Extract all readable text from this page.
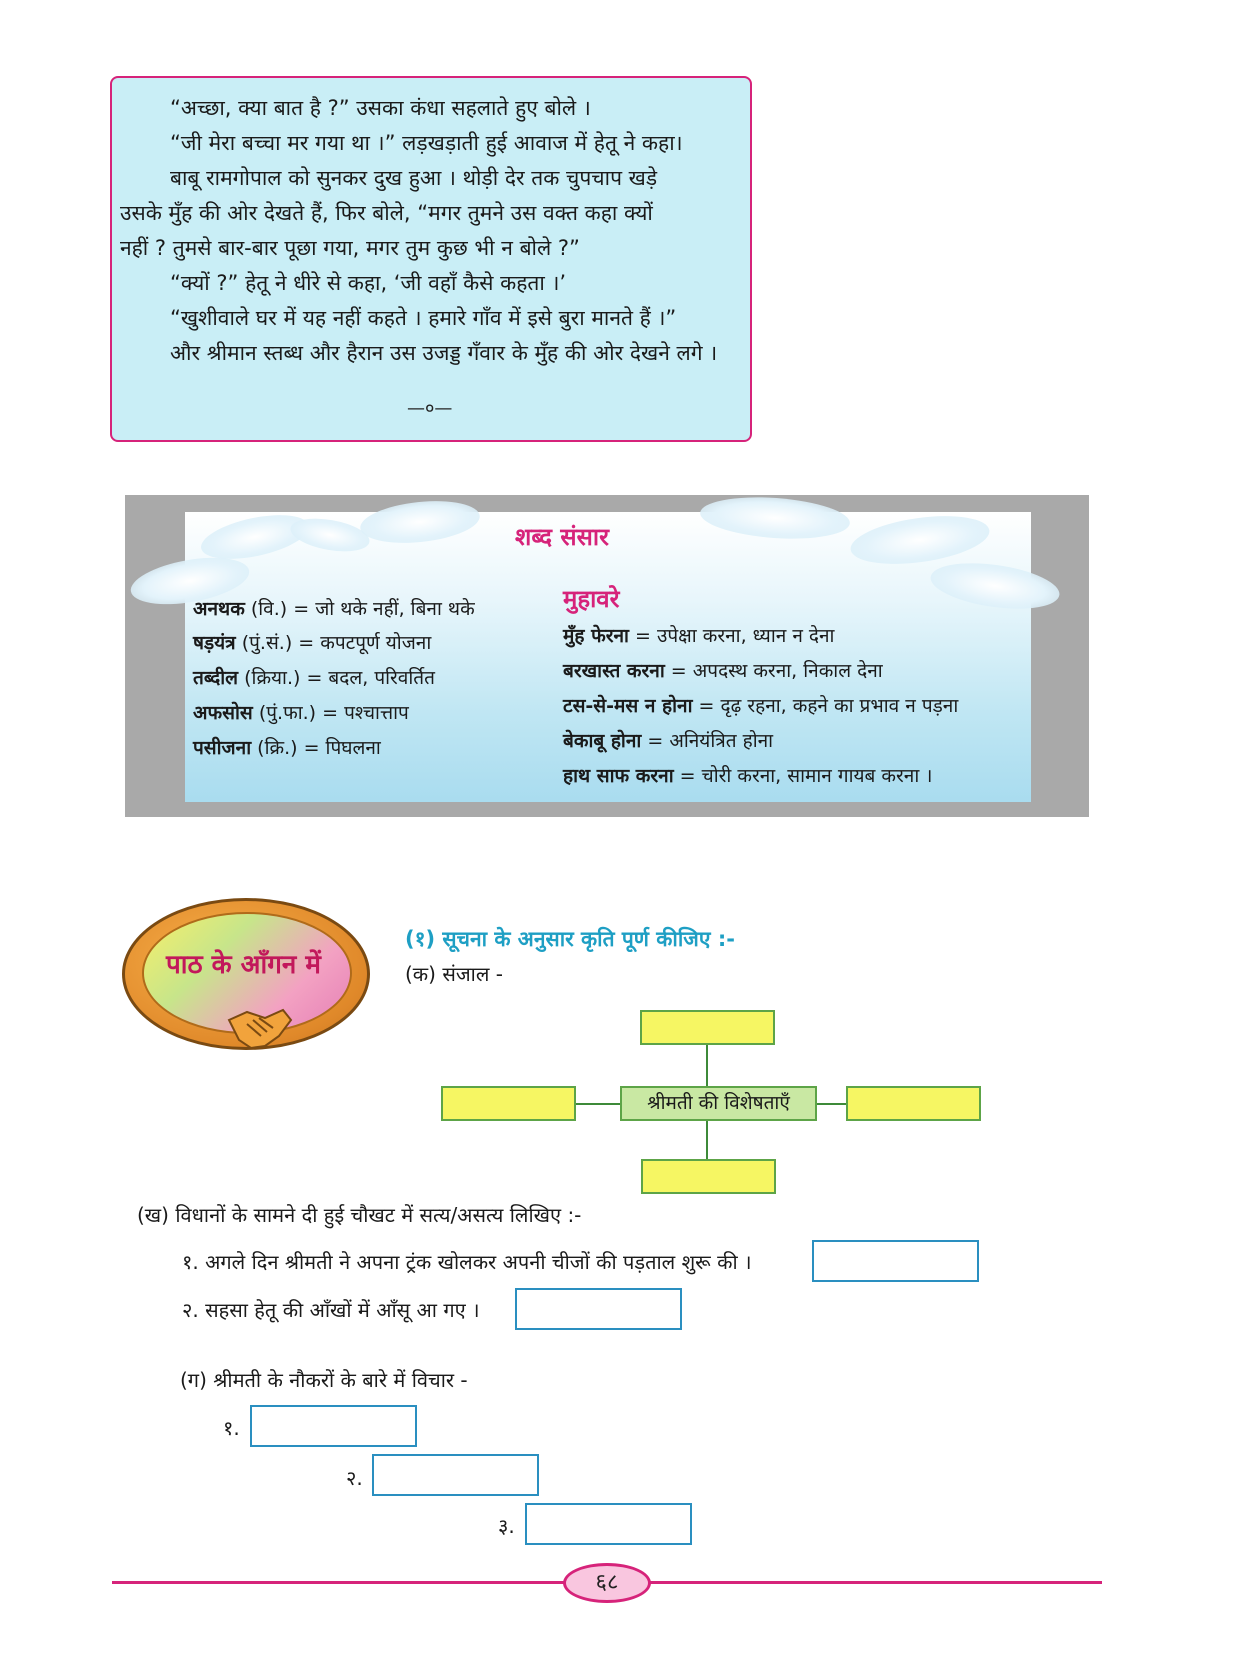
“अच्छा, क्या बात है ?” उसका कंधा सहलाते हुए बोले ।
“जी मेरा बच्चा मर गया था ।” लड़खड़ाती हुई आवाज में हेतू ने कहा।
बाबू रामगोपाल को सुनकर दुख हुआ । थोड़ी देर तक चुपचाप खड़े
उसके मुँह की ओर देखते हैं, फिर बोले, “मगर तुमने उस वक्त कहा क्यों
नहीं ? तुमसे बार-बार पूछा गया, मगर तुम कुछ भी न बोले ?”
“क्यों ?” हेतू ने धीरे से कहा, ‘जी वहाँ कैसे कहता ।’
“खुशीवाले घर में यह नहीं कहते । हमारे गाँव में इसे बुरा मानते हैं ।”
और श्रीमान स्तब्ध और हैरान उस उजड्ड गँवार के मुँह की ओर देखने लगे ।
—०—
शब्द संसार
अनथक (वि.) = जो थके नहीं, बिना थके
षड़यंत्र (पुं.सं.) = कपटपूर्ण योजना
तब्दील (क्रिया.) = बदल, परिवर्तित
अफसोस (पुं.फा.) = पश्चात्ताप
पसीजना (क्रि.) = पिघलना
मुहावरे
मुँह फेरना = उपेक्षा करना, ध्यान न देना
बरखास्त करना = अपदस्थ करना, निकाल देना
टस-से-मस न होना = दृढ़ रहना, कहने का प्रभाव न पड़ना
बेकाबू होना = अनियंत्रित होना
हाथ साफ करना = चोरी करना, सामान गायब करना ।
पाठ के आँगन में
(१) सूचना के अनुसार कृति पूर्ण कीजिए :-
(क) संजाल -
श्रीमती की विशेषताएँ
(ख) विधानों के सामने दी हुई चौखट में सत्य/असत्य लिखिए :-
१. अगले दिन श्रीमती ने अपना ट्रंक खोलकर अपनी चीजों की पड़ताल शुरू की ।
२. सहसा हेतू की आँखों में आँसू आ गए ।
(ग) श्रीमती के नौकरों के बारे में विचार -
१.
२.
३.
६८
